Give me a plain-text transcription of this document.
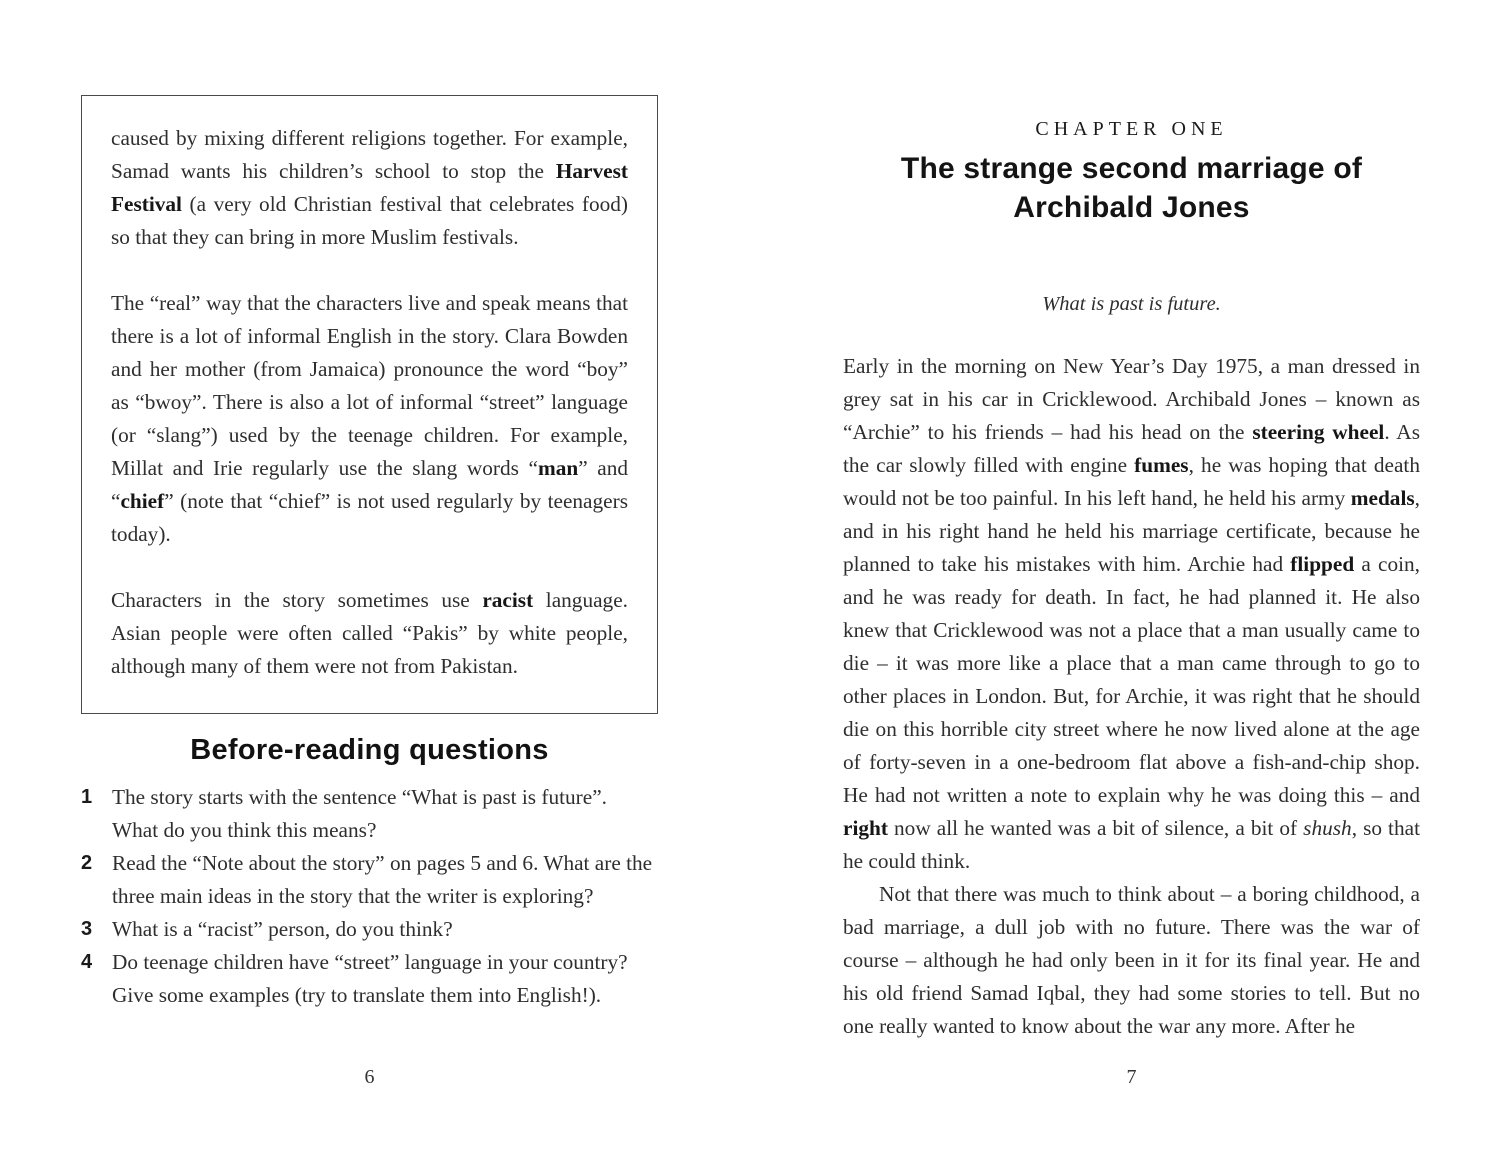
caused by mixing different religions together. For example, Samad wants his children’s school to stop the Harvest Festival (a very old Christian festival that celebrates food) so that they can bring in more Muslim festivals.

The “real” way that the characters live and speak means that there is a lot of informal English in the story. Clara Bowden and her mother (from Jamaica) pronounce the word “boy” as “bwoy”. There is also a lot of informal “street” language (or “slang”) used by the teenage children. For example, Millat and Irie regularly use the slang words “man” and “chief” (note that “chief” is not used regularly by teenagers today).

Characters in the story sometimes use racist language. Asian people were often called “Pakis” by white people, although many of them were not from Pakistan.

Before-reading questions
1 The story starts with the sentence “What is past is future”. What do you think this means?
2 Read the “Note about the story” on pages 5 and 6. What are the three main ideas in the story that the writer is exploring?
3 What is a “racist” person, do you think?
4 Do teenage children have “street” language in your country? Give some examples (try to translate them into English!).
6
CHAPTER ONE
The strange second marriage of Archibald Jones
What is past is future.

Early in the morning on New Year’s Day 1975, a man dressed in grey sat in his car in Cricklewood. Archibald Jones – known as “Archie” to his friends – had his head on the steering wheel. As the car slowly filled with engine fumes, he was hoping that death would not be too painful. In his left hand, he held his army medals, and in his right hand he held his marriage certificate, because he planned to take his mistakes with him. Archie had flipped a coin, and he was ready for death. In fact, he had planned it. He also knew that Cricklewood was not a place that a man usually came to die – it was more like a place that a man came through to go to other places in London. But, for Archie, it was right that he should die on this horrible city street where he now lived alone at the age of forty-seven in a one-bedroom flat above a fish-and-chip shop. He had not written a note to explain why he was doing this – and right now all he wanted was a bit of silence, a bit of shush, so that he could think.

Not that there was much to think about – a boring childhood, a bad marriage, a dull job with no future. There was the war of course – although he had only been in it for its final year. He and his old friend Samad Iqbal, they had some stories to tell. But no one really wanted to know about the war any more. After he

7
